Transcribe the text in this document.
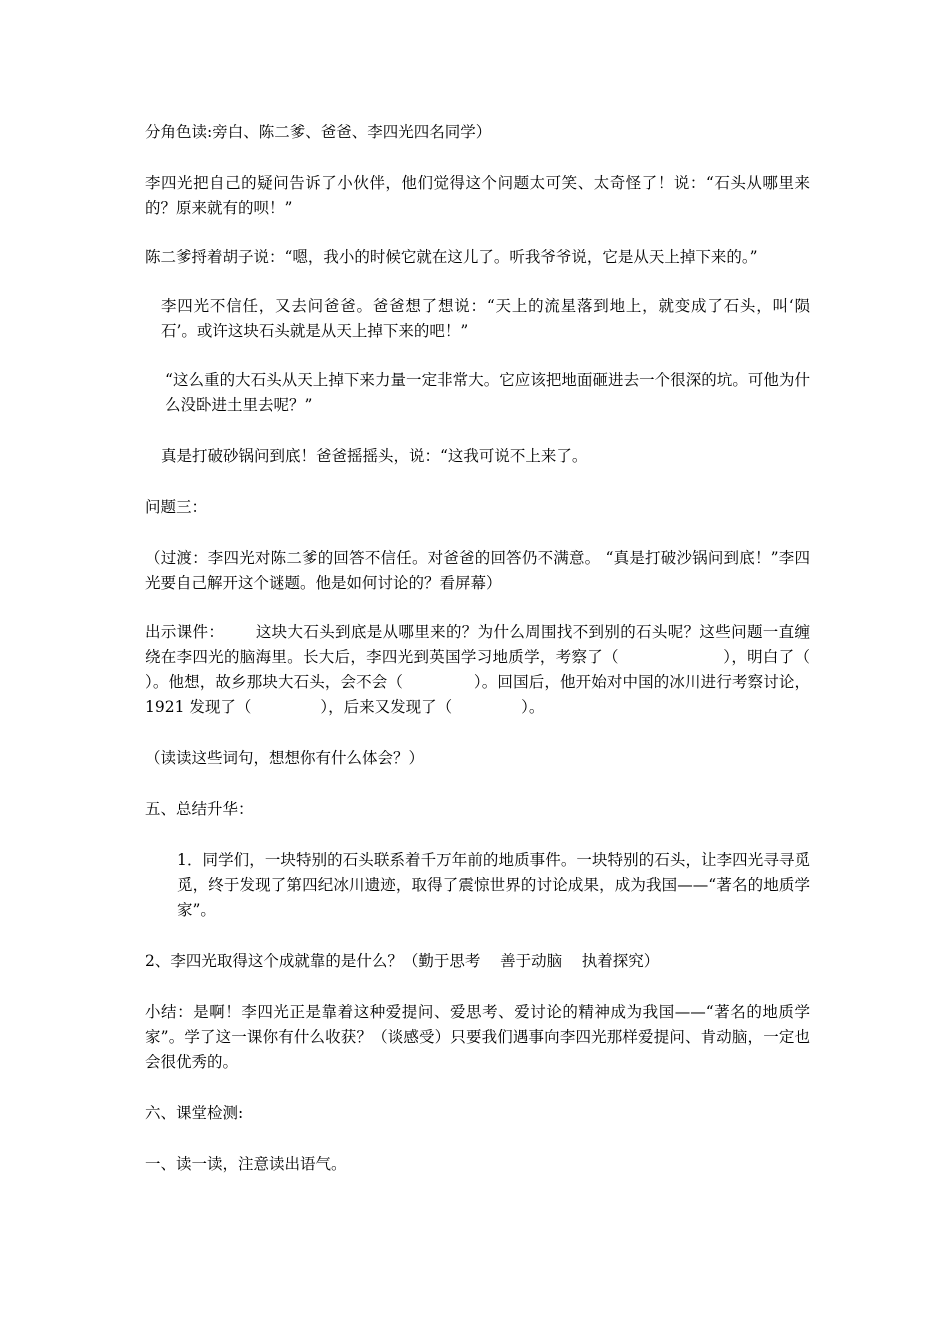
分角色读:旁白、陈二爹、爸爸、李四光四名同学）

李四光把自己的疑问告诉了小伙伴，他们觉得这个问题太可笑、太奇怪了！说：“石头从哪里来的？原来就有的呗！”

陈二爹捋着胡子说：“嗯，我小的时候它就在这儿了。听我爷爷说，它是从天上掉下来的。”

李四光不信任，又去问爸爸。爸爸想了想说：“天上的流星落到地上，就变成了石头，叫‘陨石’。或许这块石头就是从天上掉下来的吧！”

“这么重的大石头从天上掉下来力量一定非常大。它应该把地面砸进去一个很深的坑。可他为什么没卧进土里去呢？”

真是打破砂锅问到底！爸爸摇摇头，说：“这我可说不上来了。

问题三：

（过渡：李四光对陈二爹的回答不信任。对爸爸的回答仍不满意。 “真是打破沙锅问到底！”李四光要自己解开这个谜题。他是如何讨论的？看屏幕）

出示课件：      这块大石头到底是从哪里来的？为什么周围找不到别的石头呢？这些问题一直缠绕在李四光的脑海里。长大后，李四光到英国学习地质学，考察了（                    ），明白了（                          ）。他想，故乡那块大石头，会不会（              ）。回国后，他开始对中国的冰川进行考察讨论，1921 发现了（              ），后来又发现了（              ）。

（读读这些词句，想想你有什么体会？）

五、总结升华：

1．同学们，一块特别的石头联系着千万年前的地质事件。一块特别的石头，让李四光寻寻觅觅，终于发现了第四纪冰川遗迹，取得了震惊世界的讨论成果，成为我国——“著名的地质学家”。

2、李四光取得这个成就靠的是什么？（勤于思考    善于动脑    执着探究）

小结：是啊！李四光正是靠着这种爱提问、爱思考、爱讨论的精神成为我国——“著名的地质学家”。学了这一课你有什么收获？（谈感受）只要我们遇事向李四光那样爱提问、肯动脑，一定也会很优秀的。

六、课堂检测:

一、读一读，注意读出语气。
